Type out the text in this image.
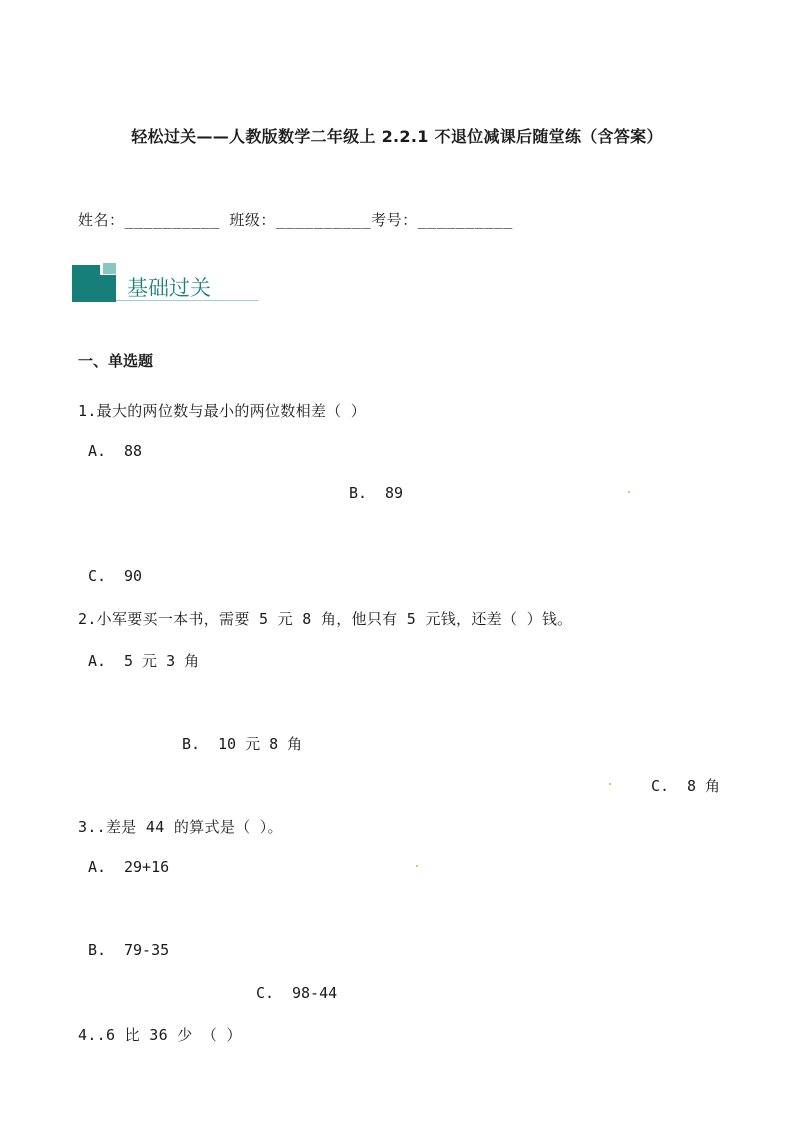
轻松过关——人教版数学二年级上 2.2.1 不退位减课后随堂练（含答案）
姓名：__________ 班级：__________考号：__________
基础过关
一、单选题
1.最大的两位数与最小的两位数相差（ ）
A. 88
B. 89
C. 90
2.小军要买一本书，需要 5 元 8 角，他只有 5 元钱，还差（ ）钱。
A. 5 元 3 角
B. 10 元 8 角
C. 8 角
3..差是 44 的算式是（ ）。
A. 29+16
B. 79-35
C. 98-44
4..6 比 36 少 （ ）
